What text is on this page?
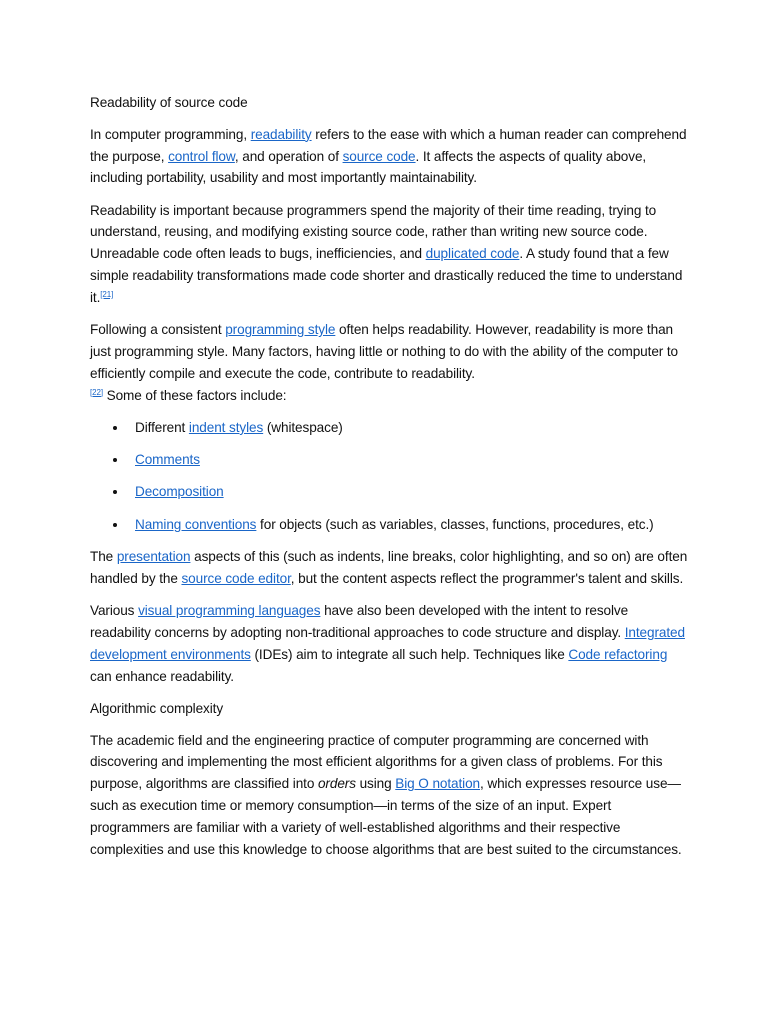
Readability of source code

In computer programming, readability refers to the ease with which a human reader can comprehend the purpose, control flow, and operation of source code. It affects the aspects of quality above, including portability, usability and most importantly maintainability.

Readability is important because programmers spend the majority of their time reading, trying to understand, reusing, and modifying existing source code, rather than writing new source code. Unreadable code often leads to bugs, inefficiencies, and duplicated code. A study found that a few simple readability transformations made code shorter and drastically reduced the time to understand it.[21]

Following a consistent programming style often helps readability. However, readability is more than just programming style. Many factors, having little or nothing to do with the ability of the computer to efficiently compile and execute the code, contribute to readability.
[22] Some of these factors include:

Different indent styles (whitespace)
Comments
Decomposition
Naming conventions for objects (such as variables, classes, functions, procedures, etc.)

The presentation aspects of this (such as indents, line breaks, color highlighting, and so on) are often handled by the source code editor, but the content aspects reflect the programmer's talent and skills.

Various visual programming languages have also been developed with the intent to resolve readability concerns by adopting non-traditional approaches to code structure and display. Integrated development environments (IDEs) aim to integrate all such help. Techniques like Code refactoring can enhance readability.

Algorithmic complexity

The academic field and the engineering practice of computer programming are concerned with discovering and implementing the most efficient algorithms for a given class of problems. For this purpose, algorithms are classified into orders using Big O notation, which expresses resource use—such as execution time or memory consumption—in terms of the size of an input. Expert programmers are familiar with a variety of well-established algorithms and their respective complexities and use this knowledge to choose algorithms that are best suited to the circumstances.
